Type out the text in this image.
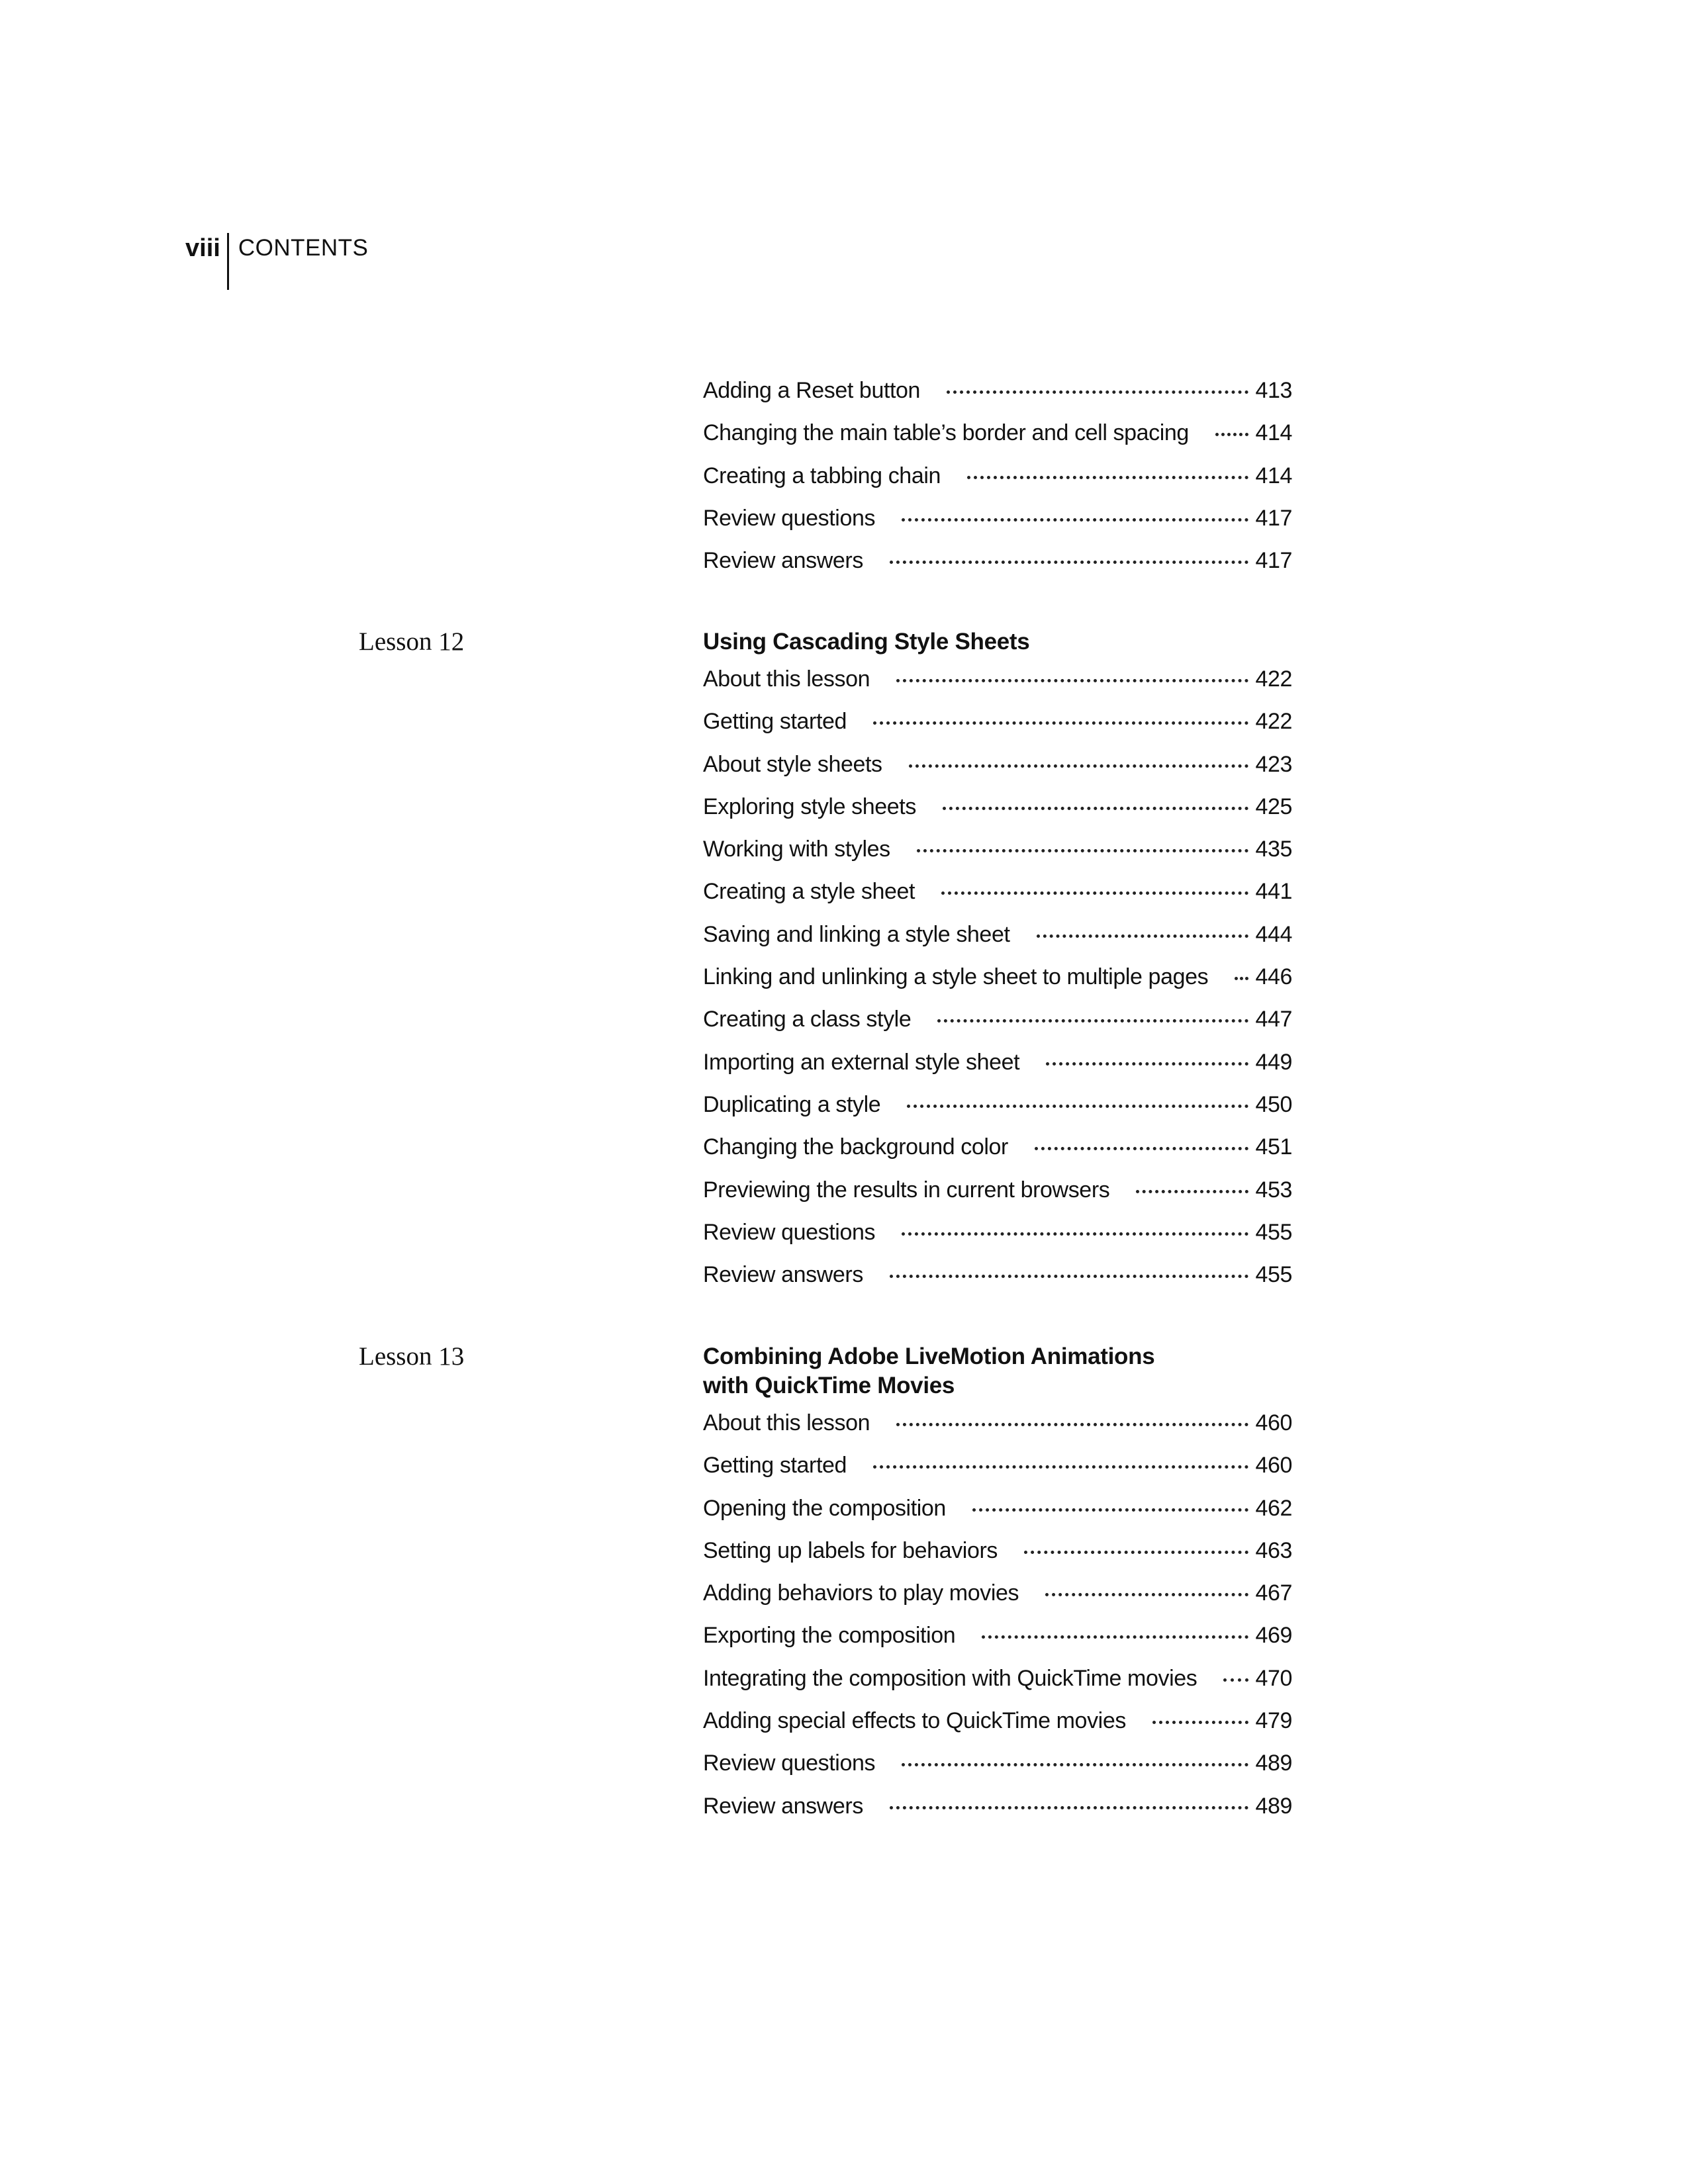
viii CONTENTS
Adding a Reset button	413
Changing the main table’s border and cell spacing	414
Creating a tabbing chain	414
Review questions	417
Review answers	417
Lesson 12	Using Cascading Style Sheets
About this lesson	422
Getting started	422
About style sheets	423
Exploring style sheets	425
Working with styles	435
Creating a style sheet	441
Saving and linking a style sheet	444
Linking and unlinking a style sheet to multiple pages	446
Creating a class style	447
Importing an external style sheet	449
Duplicating a style	450
Changing the background color	451
Previewing the results in current browsers	453
Review questions	455
Review answers	455
Lesson 13	Combining Adobe LiveMotion Animations
with QuickTime Movies
About this lesson	460
Getting started	460
Opening the composition	462
Setting up labels for behaviors	463
Adding behaviors to play movies	467
Exporting the composition	469
Integrating the composition with QuickTime movies	470
Adding special effects to QuickTime movies	479
Review questions	489
Review answers	489
